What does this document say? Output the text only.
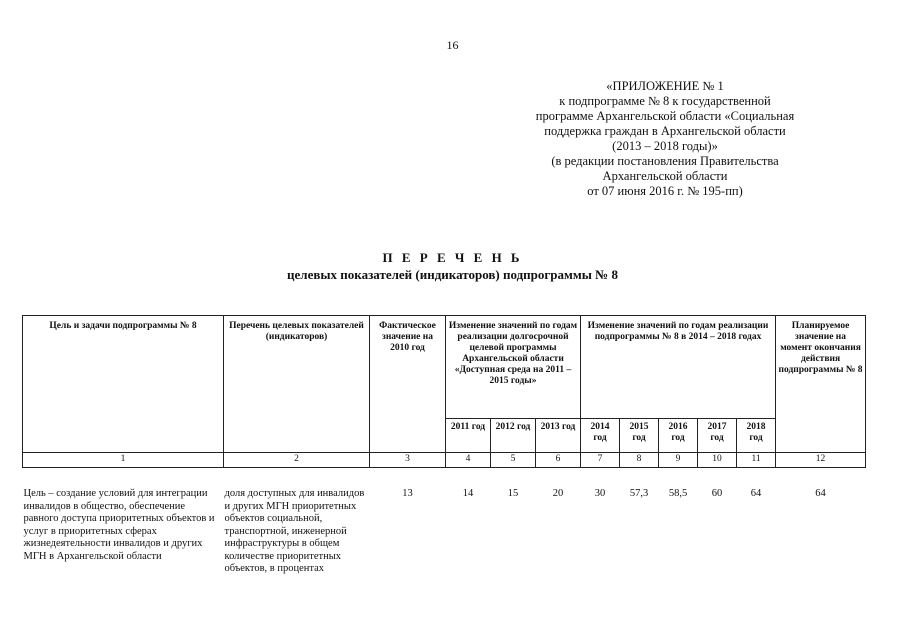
16
«ПРИЛОЖЕНИЕ № 1
к подпрограмме № 8 к государственной
программе Архангельской области «Социальная
поддержка граждан в Архангельской области
(2013 – 2018 годы)»
(в редакции постановления Правительства
Архангельской области
от 07 июня 2016 г. № 195-пп)
П Е Р Е Ч Е Н Ь
целевых показателей (индикаторов) подпрограммы № 8
Цель и задачи подпрограммы № 8	Перечень целевых показателей (индикаторов)	Фактическое значение на 2010 год	Изменение значений по годам реализации долгосрочной целевой программы Архангельской области «Доступная среда на 2011 – 2015 годы»			Изменение значений по годам реализации подпрограммы № 8 в 2014 – 2018 годах					Планируемое значение на момент окончания действия подпрограммы № 8
			2011 год	2012 год	2013 год	2014 год	2015 год	2016 год	2017 год	2018 год	
1	2	3	4	5	6	7	8	9	10	11	12
Цель – создание условий для интеграции инвалидов в общество, обеспечение равного доступа приоритетных объектов и услуг в приоритетных сферах жизнедеятельности инвалидов и других МГН в Архангельской области	доля доступных для инвалидов и других МГН приоритетных объектов социальной, транспортной, инженерной инфраструктуры в общем количестве приоритетных объектов, в процентах	13	14	15	20	30	57,3	58,5	60	64	64
